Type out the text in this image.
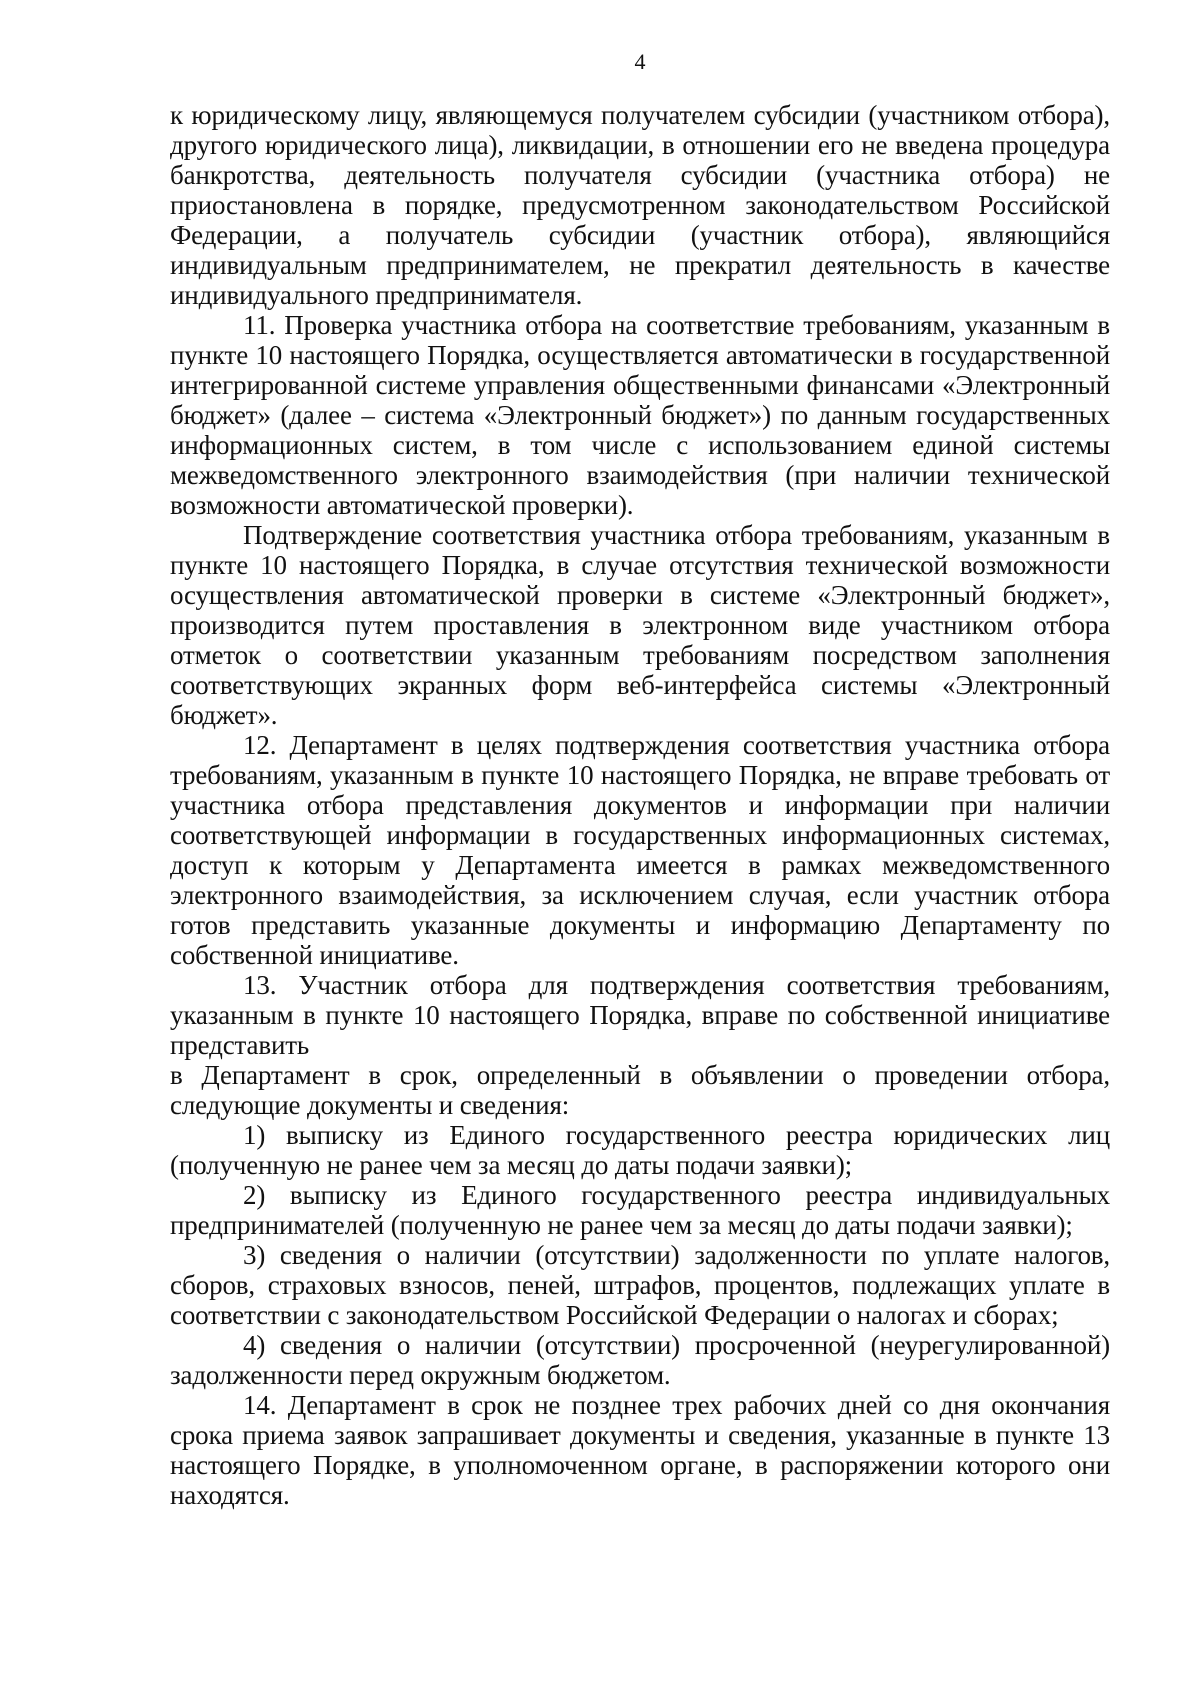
4

к юридическому лицу, являющемуся получателем субсидии (участником отбора), другого юридического лица), ликвидации, в отношении его не введена процедура банкротства, деятельность получателя субсидии (участника отбора) не приостановлена в порядке, предусмотренном законодательством Российской Федерации, а получатель субсидии (участник отбора), являющийся индивидуальным предпринимателем, не прекратил деятельность в качестве индивидуального предпринимателя.

11. Проверка участника отбора на соответствие требованиям, указанным в пункте 10 настоящего Порядка, осуществляется автоматически в государственной интегрированной системе управления общественными финансами «Электронный бюджет» (далее – система «Электронный бюджет») по данным государственных информационных систем, в том числе с использованием единой системы межведомственного электронного взаимодействия (при наличии технической возможности автоматической проверки).

Подтверждение соответствия участника отбора требованиям, указанным в пункте 10 настоящего Порядка, в случае отсутствия технической возможности осуществления автоматической проверки в системе «Электронный бюджет», производится путем проставления в электронном виде участником отбора отметок о соответствии указанным требованиям посредством заполнения соответствующих экранных форм веб-интерфейса системы «Электронный бюджет».

12. Департамент в целях подтверждения соответствия участника отбора требованиям, указанным в пункте 10 настоящего Порядка, не вправе требовать от участника отбора представления документов и информации при наличии соответствующей информации в государственных информационных системах, доступ к которым у Департамента имеется в рамках межведомственного электронного взаимодействия, за исключением случая, если участник отбора готов представить указанные документы и информацию Департаменту по собственной инициативе.

13. Участник отбора для подтверждения соответствия требованиям, указанным в пункте 10 настоящего Порядка, вправе по собственной инициативе представить

в Департамент в срок, определенный в объявлении о проведении отбора, следующие документы и сведения:

1) выписку из Единого государственного реестра юридических лиц (полученную не ранее чем за месяц до даты подачи заявки);

2) выписку из Единого государственного реестра индивидуальных предпринимателей (полученную не ранее чем за месяц до даты подачи заявки);

3) сведения о наличии (отсутствии) задолженности по уплате налогов, сборов, страховых взносов, пеней, штрафов, процентов, подлежащих уплате в соответствии с законодательством Российской Федерации о налогах и сборах;

4) сведения о наличии (отсутствии) просроченной (неурегулированной) задолженности перед окружным бюджетом.

14. Департамент в срок не позднее трех рабочих дней со дня окончания срока приема заявок запрашивает документы и сведения, указанные в пункте 13 настоящего Порядке, в уполномоченном органе, в распоряжении которого они находятся.
